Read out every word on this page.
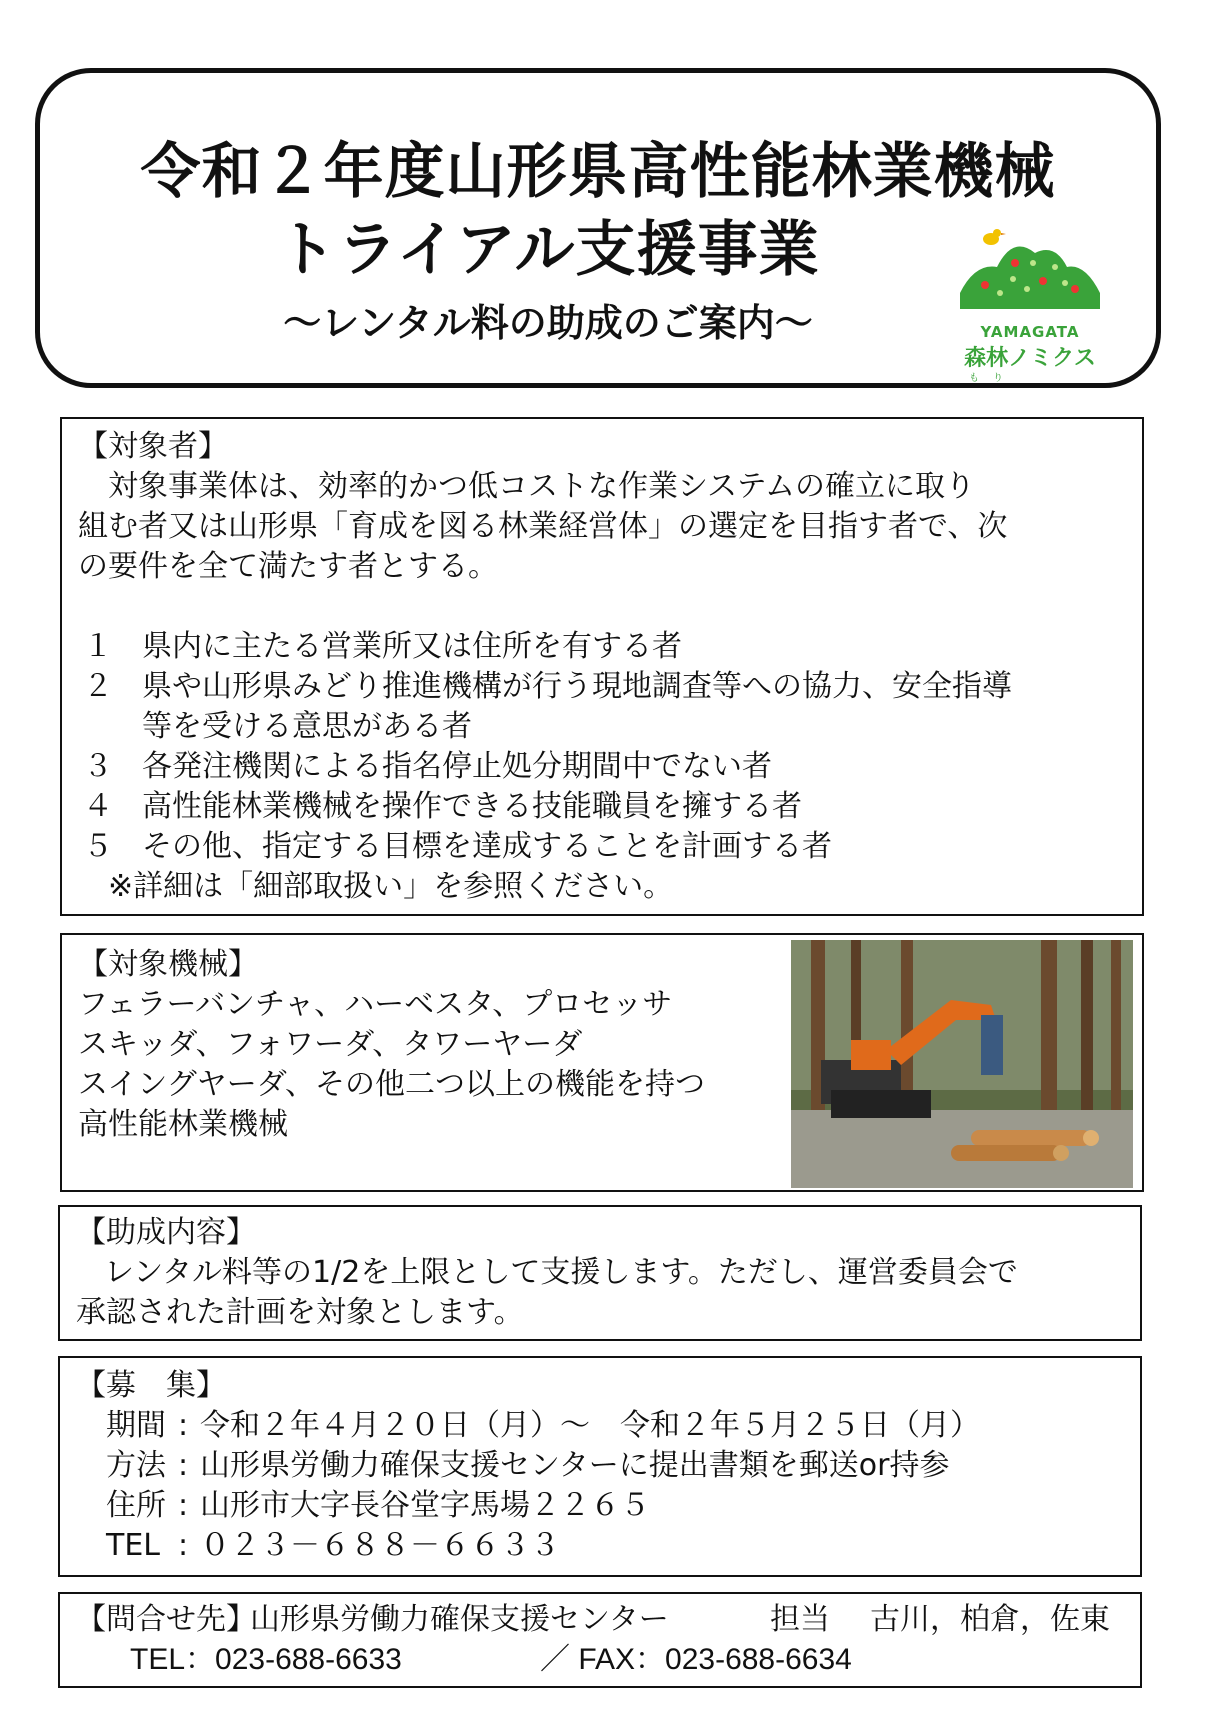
令和２年度山形県高性能林業機械
トライアル支援事業
～レンタル料の助成のご案内～	YAMAGATA
森林ノミクス
もり
【対象者】
　対象事業体は、効率的かつ低コストな作業システムの確立に取り
組む者又は山形県「育成を図る林業経営体」の選定を目指す者で、次
の要件を全て満たす者とする。
１ 県内に主たる営業所又は住所を有する者
２ 県や山形県みどり推進機構が行う現地調査等への協力、安全指導
等を受ける意思がある者
３ 各発注機関による指名停止処分期間中でない者
４ 高性能林業機械を操作できる技能職員を擁する者
５ その他、指定する目標を達成することを計画する者
※詳細は「細部取扱い」を参照ください。
【対象機械】
フェラーバンチャ、ハーベスタ、プロセッサ
スキッダ、フォワーダ、タワーヤーダ
スイングヤーダ、その他二つ以上の機能を持つ
高性能林業機械
【助成内容】
レンタル料等の1/2を上限として支援します。ただし、運営委員会で
承認された計画を対象とします。
【募　集】
期間 : 令和２年４月２０日（月）～　令和２年５月２５日（月）
方法 : 山形県労働力確保支援センターに提出書類を郵送or持参
住所 : 山形市大字長谷堂字馬場２２６５
TEL : ０２３－６８８－６６３３
【問合せ先】
山形県労働力確保支援センター	担当 古川，柏倉，佐東
TEL：023-688-6633	／ FAX：023-688-6634
